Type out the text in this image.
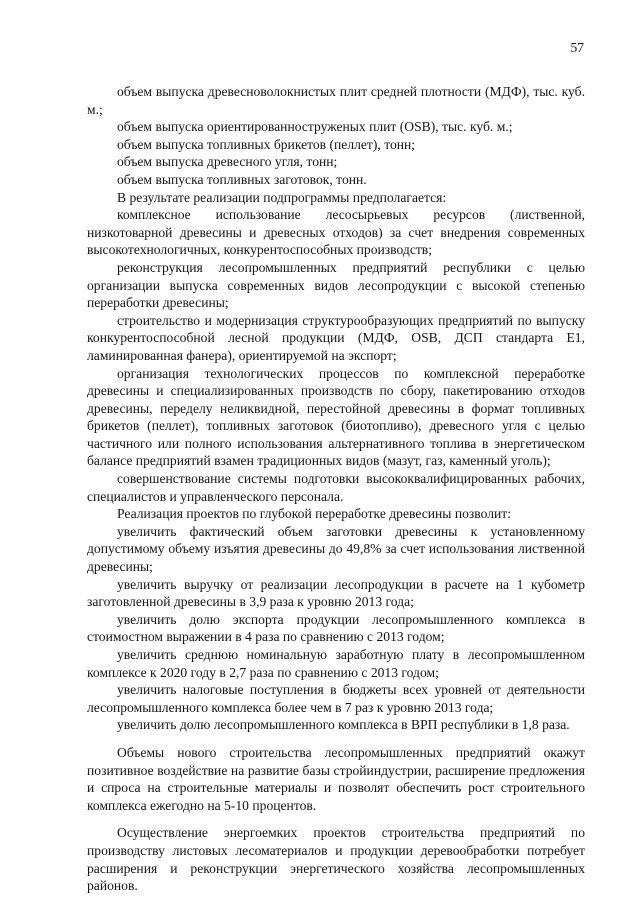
57

объем выпуска древесноволокнистых плит средней плотности (МДФ), тыс. куб. м.;

объем выпуска ориентированноструженых плит (OSB), тыс. куб. м.;

объем выпуска топливных брикетов (пеллет), тонн;

объем выпуска древесного угля, тонн;

объем выпуска топливных заготовок, тонн.

В результате реализации подпрограммы предполагается:

комплексное использование лесосырьевых ресурсов (лиственной, низкотоварной древесины и древесных отходов) за счет внедрения современных высокотехнологичных, конкурентоспособных производств;

реконструкция лесопромышленных предприятий республики с целью организации выпуска современных видов лесопродукции с высокой степенью переработки древесины;

строительство и модернизация структурообразующих предприятий по выпуску конкурентоспособной лесной продукции (МДФ, OSB, ДСП стандарта Е1, ламинированная фанера), ориентируемой на экспорт;

организация технологических процессов по комплексной переработке древесины и специализированных производств по сбору, пакетированию отходов древесины, переделу неликвидной, перестойной древесины в формат топливных брикетов (пеллет), топливных заготовок (биотопливо), древесного угля с целью частичного или полного использования альтернативного топлива в энергетическом балансе предприятий взамен традиционных видов (мазут, газ, каменный уголь);

совершенствование системы подготовки высококвалифицированных рабочих, специалистов и управленческого персонала.

Реализация проектов по глубокой переработке древесины позволит:

увеличить фактический объем заготовки древесины к установленному допустимому объему изъятия древесины до 49,8% за счет использования лиственной древесины;

увеличить выручку от реализации лесопродукции в расчете на 1 кубометр заготовленной древесины в 3,9 раза к уровню 2013 года;

увеличить долю экспорта продукции лесопромышленного комплекса в стоимостном выражении в 4 раза по сравнению с 2013 годом;

увеличить среднюю номинальную заработную плату в лесопромышленном комплексе к 2020 году в 2,7 раза по сравнению с 2013 годом;

увеличить налоговые поступления в бюджеты всех уровней от деятельности лесопромышленного комплекса более чем в 7 раз к уровню 2013 года;

увеличить долю лесопромышленного комплекса в ВРП республики в 1,8 раза.

Объемы нового строительства лесопромышленных предприятий окажут позитивное воздействие на развитие базы стройиндустрии, расширение предложения и спроса на строительные материалы и позволят обеспечить рост строительного комплекса ежегодно на 5-10 процентов.

Осуществление энергоемких проектов строительства предприятий по производству листовых лесоматериалов и продукции деревообработки потребует расширения и реконструкции энергетического хозяйства лесопромышленных районов.
